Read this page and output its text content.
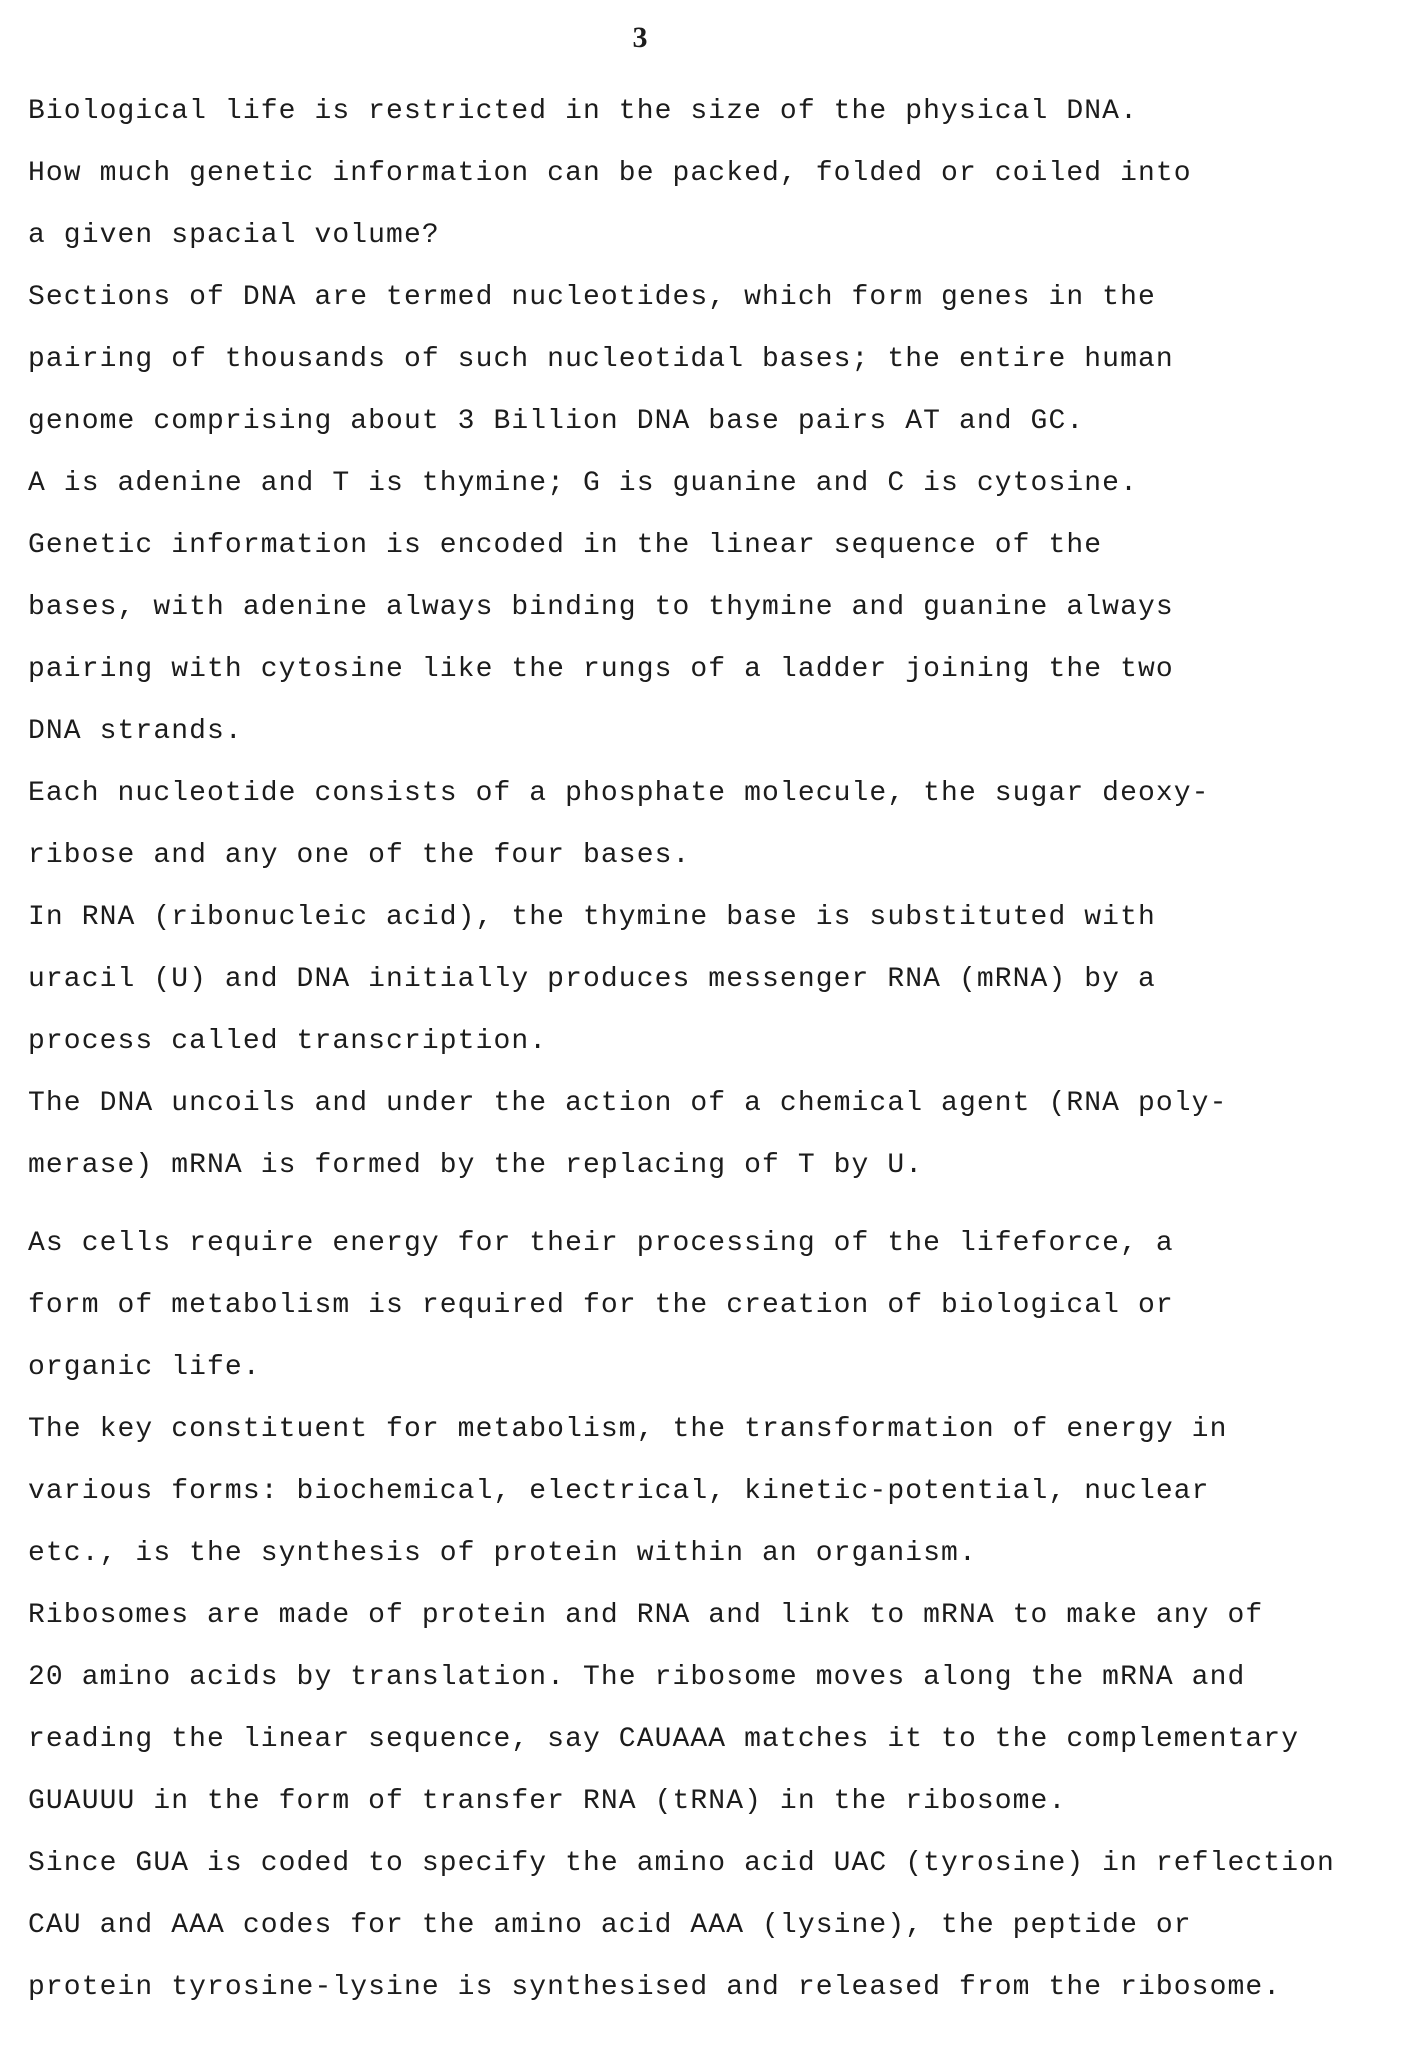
3

Biological life is restricted in the size of the physical DNA.

How much genetic information can be packed, folded or coiled into

a given spacial volume?

Sections of DNA are termed nucleotides, which form genes in the

pairing of thousands of such nucleotidal bases; the entire human

genome comprising about 3 Billion DNA base pairs AT and GC.

A is adenine and T is thymine; G is guanine and C is cytosine.

Genetic information is encoded in the linear sequence of the

bases, with adenine always binding to thymine and guanine always

pairing with cytosine like the rungs of a ladder joining the two

DNA strands.

Each nucleotide consists of a phosphate molecule, the sugar deoxy-

ribose and any one of the four bases.

In RNA (ribonucleic acid), the thymine base is substituted with

uracil (U) and DNA initially produces messenger RNA (mRNA) by a

process called transcription.

The DNA uncoils and under the action of a chemical agent (RNA poly-

merase) mRNA is formed by the replacing of T by U.

As cells require energy for their processing of the lifeforce, a

form of metabolism is required for the creation of biological or

organic life.

The key constituent for metabolism, the transformation of energy in

various forms: biochemical, electrical, kinetic-potential, nuclear

etc., is the synthesis of protein within an organism.

Ribosomes are made of protein and RNA and link to mRNA to make any of

20 amino acids by translation. The ribosome moves along the mRNA and

reading the linear sequence, say CAUAAA matches it to the complementary

GUAUUU in the form of transfer RNA (tRNA) in the ribosome.

Since GUA is coded to specify the amino acid UAC (tyrosine) in reflection

CAU and AAA codes for the amino acid AAA (lysine), the peptide or

protein tyrosine-lysine is synthesised and released from the ribosome.
